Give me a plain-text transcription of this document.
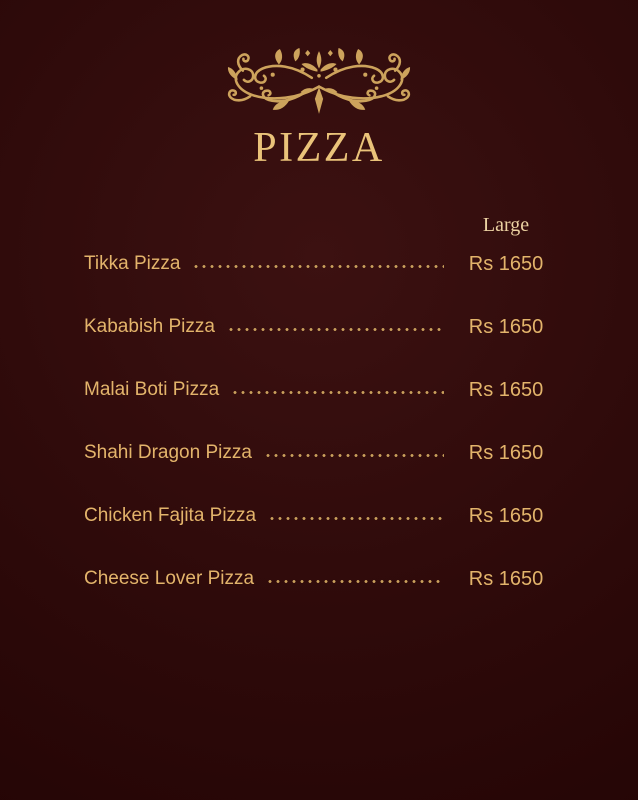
PIZZA
Large
Tikka Pizza	Rs 1650
Kababish Pizza	Rs 1650
Malai Boti Pizza	Rs 1650
Shahi Dragon Pizza	Rs 1650
Chicken Fajita Pizza	Rs 1650
Cheese Lover Pizza	Rs 1650
